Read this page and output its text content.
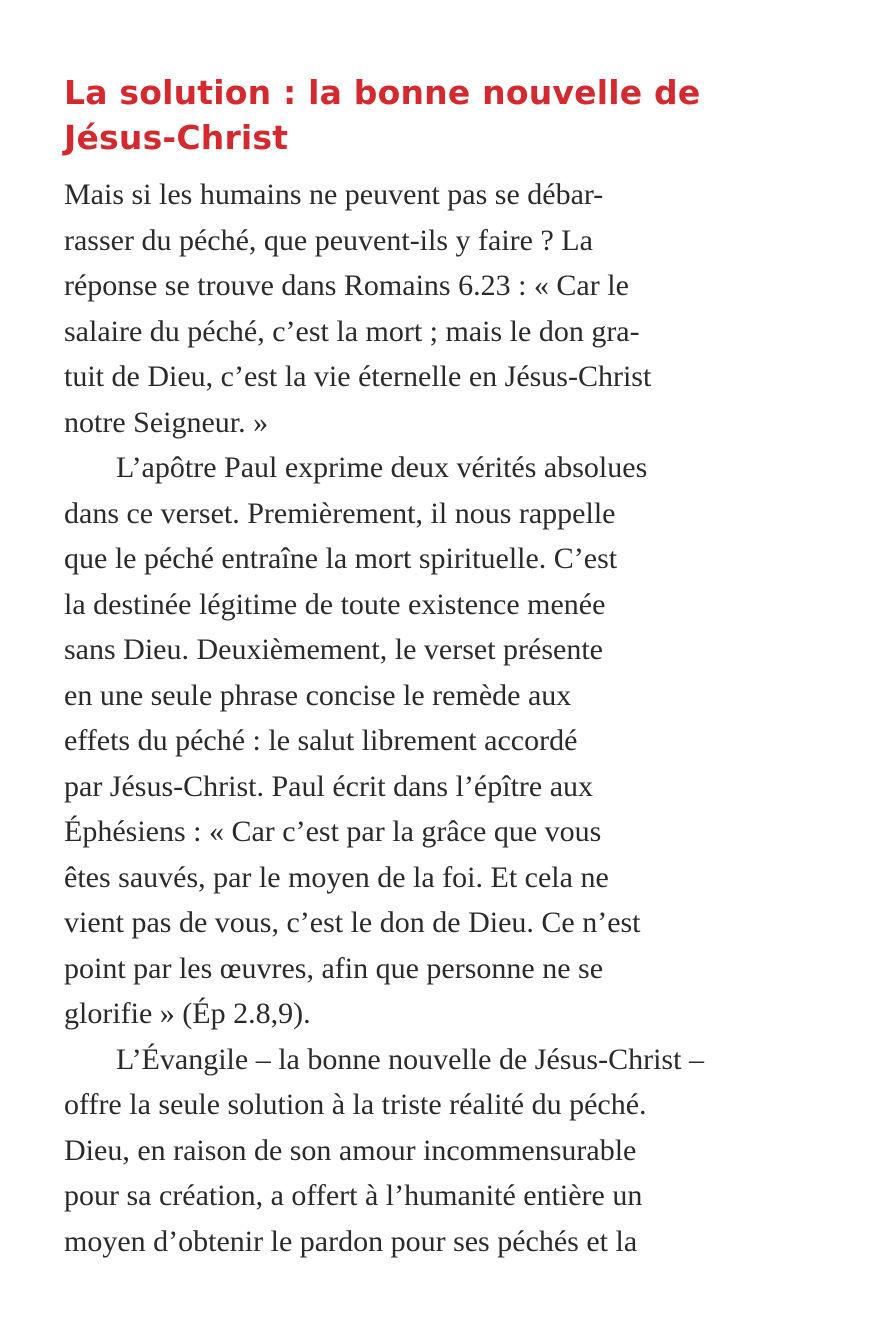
La solution : la bonne nouvelle de
Jésus-Christ
Mais si les humains ne peuvent pas se débar-
rasser du péché, que peuvent-ils y faire ? La
réponse se trouve dans Romains 6.23 : « Car le
salaire du péché, c’est la mort ; mais le don gra-
tuit de Dieu, c’est la vie éternelle en Jésus-Christ
notre Seigneur. »
L’apôtre Paul exprime deux vérités absolues
dans ce verset. Premièrement, il nous rappelle
que le péché entraîne la mort spirituelle. C’est
la destinée légitime de toute existence menée
sans Dieu. Deuxièmement, le verset présente
en une seule phrase concise le remède aux
effets du péché : le salut librement accordé
par Jésus-Christ. Paul écrit dans l’épître aux
Éphésiens : « Car c’est par la grâce que vous
êtes sauvés, par le moyen de la foi. Et cela ne
vient pas de vous, c’est le don de Dieu. Ce n’est
point par les œuvres, afin que personne ne se
glorifie » (Ép 2.8,9).
L’Évangile – la bonne nouvelle de Jésus-Christ –
offre la seule solution à la triste réalité du péché.
Dieu, en raison de son amour incommensurable
pour sa création, a offert à l’humanité entière un
moyen d’obtenir le pardon pour ses péchés et la
